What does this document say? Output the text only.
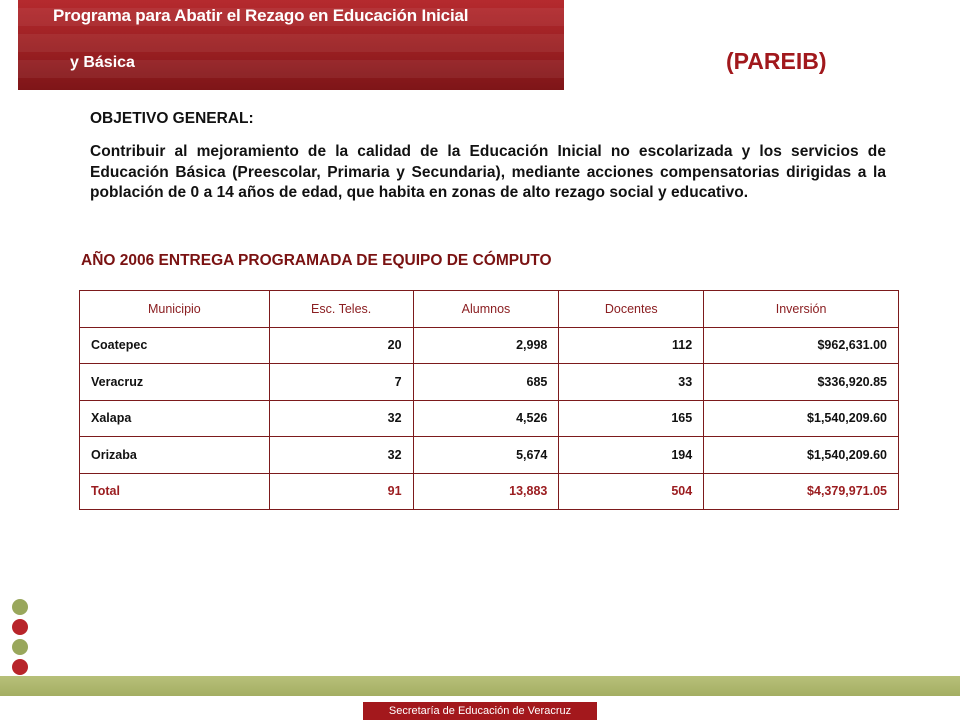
Programa para Abatir el Rezago en Educación Inicial
y Básica	(PAREIB)
OBJETIVO GENERAL:
Contribuir al mejoramiento de la calidad de la Educación Inicial no escolarizada y los servicios de Educación Básica (Preescolar, Primaria y Secundaria), mediante acciones compensatorias dirigidas a la población de 0 a 14 años de edad, que habita en zonas de alto rezago social y educativo.
AÑO 2006 ENTREGA PROGRAMADA DE EQUIPO DE CÓMPUTO
Municipio	Esc. Teles.	Alumnos	Docentes	Inversión
Coatepec	20	2,998	112	$962,631.00
Veracruz	7	685	33	$336,920.85
Xalapa	32	4,526	165	$1,540,209.60
Orizaba	32	5,674	194	$1,540,209.60
Total	91	13,883	504	$4,379,971.05
Secretaría de Educación de Veracruz
